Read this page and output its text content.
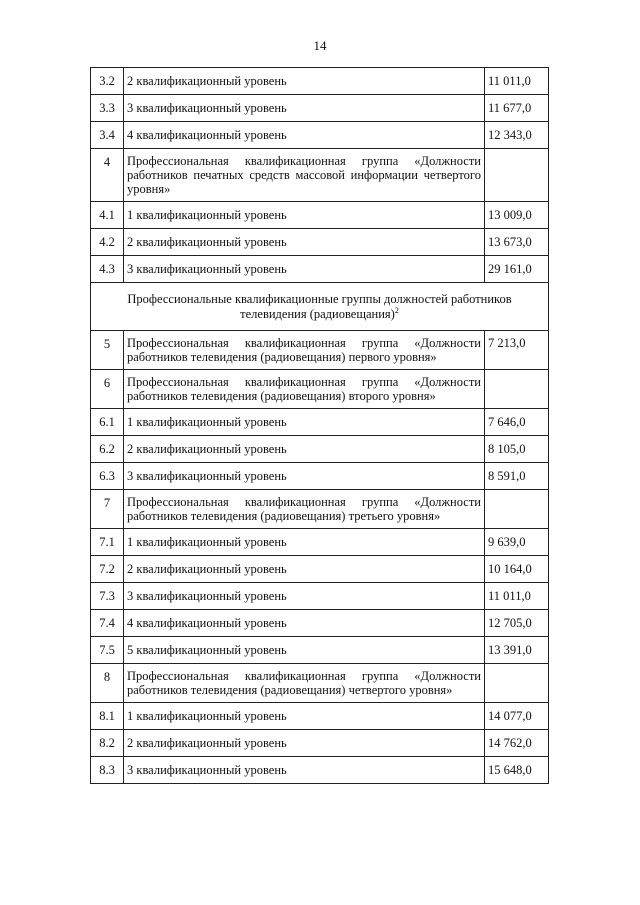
14
3.2	2 квалификационный уровень	11 011,0
3.3	3 квалификационный уровень	11 677,0
3.4	4 квалификационный уровень	12 343,0
4	Профессиональная квалификационная группа «Должности работников печатных средств массовой информации четвертого уровня»	
4.1	1 квалификационный уровень	13 009,0
4.2	2 квалификационный уровень	13 673,0
4.3	3 квалификационный уровень	29 161,0
Профессиональные квалификационные группы должностей работников телевидения (радиовещания)$^2$
5	Профессиональная квалификационная группа «Должности работников телевидения (радиовещания) первого уровня»	7 213,0
6	Профессиональная квалификационная группа «Должности работников телевидения (радиовещания) второго уровня»	
6.1	1 квалификационный уровень	7 646,0
6.2	2 квалификационный уровень	8 105,0
6.3	3 квалификационный уровень	8 591,0
7	Профессиональная квалификационная группа «Должности работников телевидения (радиовещания) третьего уровня»	
7.1	1 квалификационный уровень	9 639,0
7.2	2 квалификационный уровень	10 164,0
7.3	3 квалификационный уровень	11 011,0
7.4	4 квалификационный уровень	12 705,0
7.5	5 квалификационный уровень	13 391,0
8	Профессиональная квалификационная группа «Должности работников телевидения (радиовещания) четвертого уровня»	
8.1	1 квалификационный уровень	14 077,0
8.2	2 квалификационный уровень	14 762,0
8.3	3 квалификационный уровень	15 648,0
